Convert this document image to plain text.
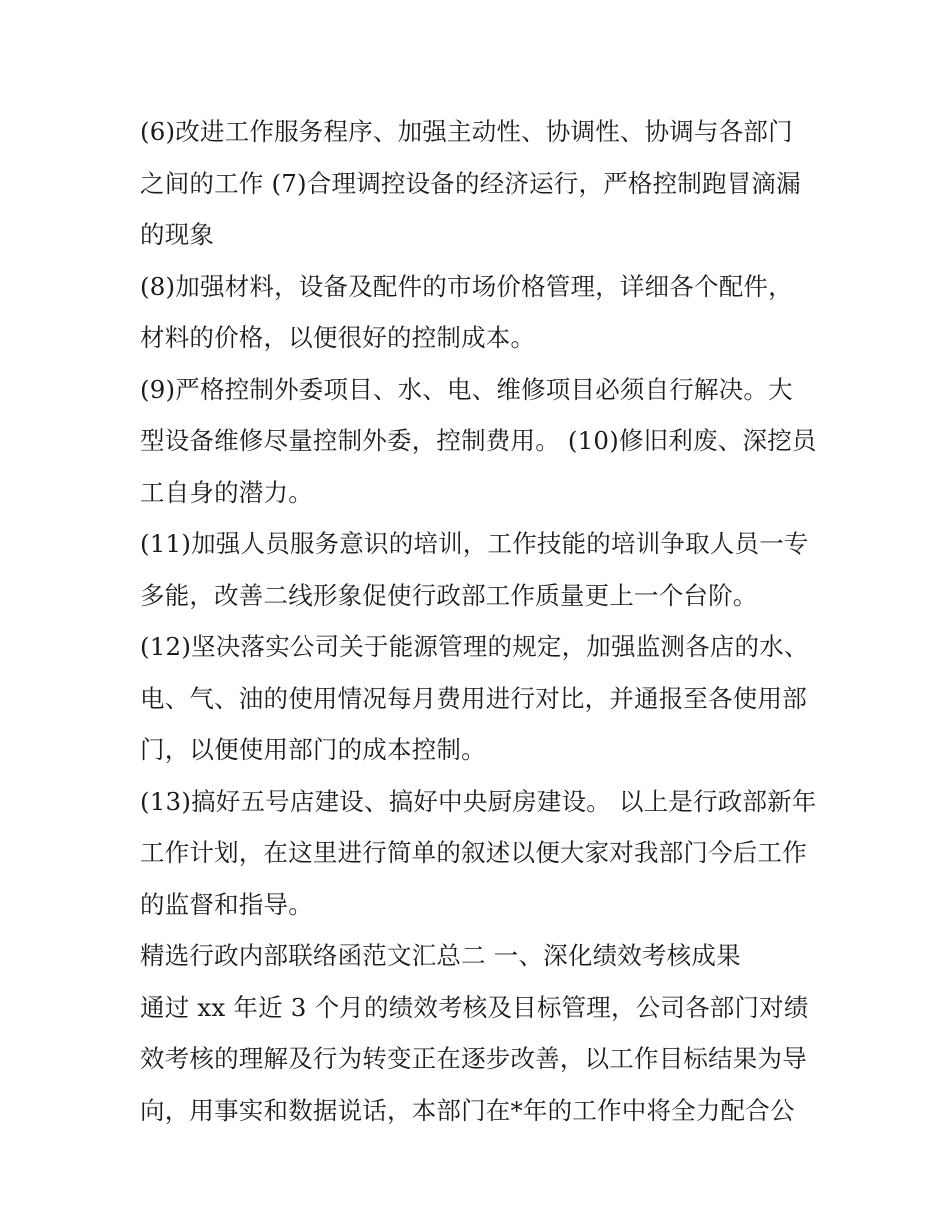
(6)改进工作服务程序、加强主动性、协调性、协调与各部门
之间的工作 (7)合理调控设备的经济运行，严格控制跑冒滴漏
的现象
(8)加强材料，设备及配件的市场价格管理，详细各个配件，
材料的价格，以便很好的控制成本。
(9)严格控制外委项目、水、电、维修项目必须自行解决。大
型设备维修尽量控制外委，控制费用。 (10)修旧利废、深挖员
工自身的潜力。
(11)加强人员服务意识的培训，工作技能的培训争取人员一专
多能，改善二线形象促使行政部工作质量更上一个台阶。
(12)坚决落实公司关于能源管理的规定，加强监测各店的水、
电、气、油的使用情况每月费用进行对比，并通报至各使用部
门，以便使用部门的成本控制。
(13)搞好五号店建设、搞好中央厨房建设。 以上是行政部新年
工作计划，在这里进行简单的叙述以便大家对我部门今后工作
的监督和指导。
精选行政内部联络函范文汇总二 一、深化绩效考核成果
通过 xx 年近 3 个月的绩效考核及目标管理，公司各部门对绩
效考核的理解及行为转变正在逐步改善，以工作目标结果为导
向，用事实和数据说话，本部门在*年的工作中将全力配合公
